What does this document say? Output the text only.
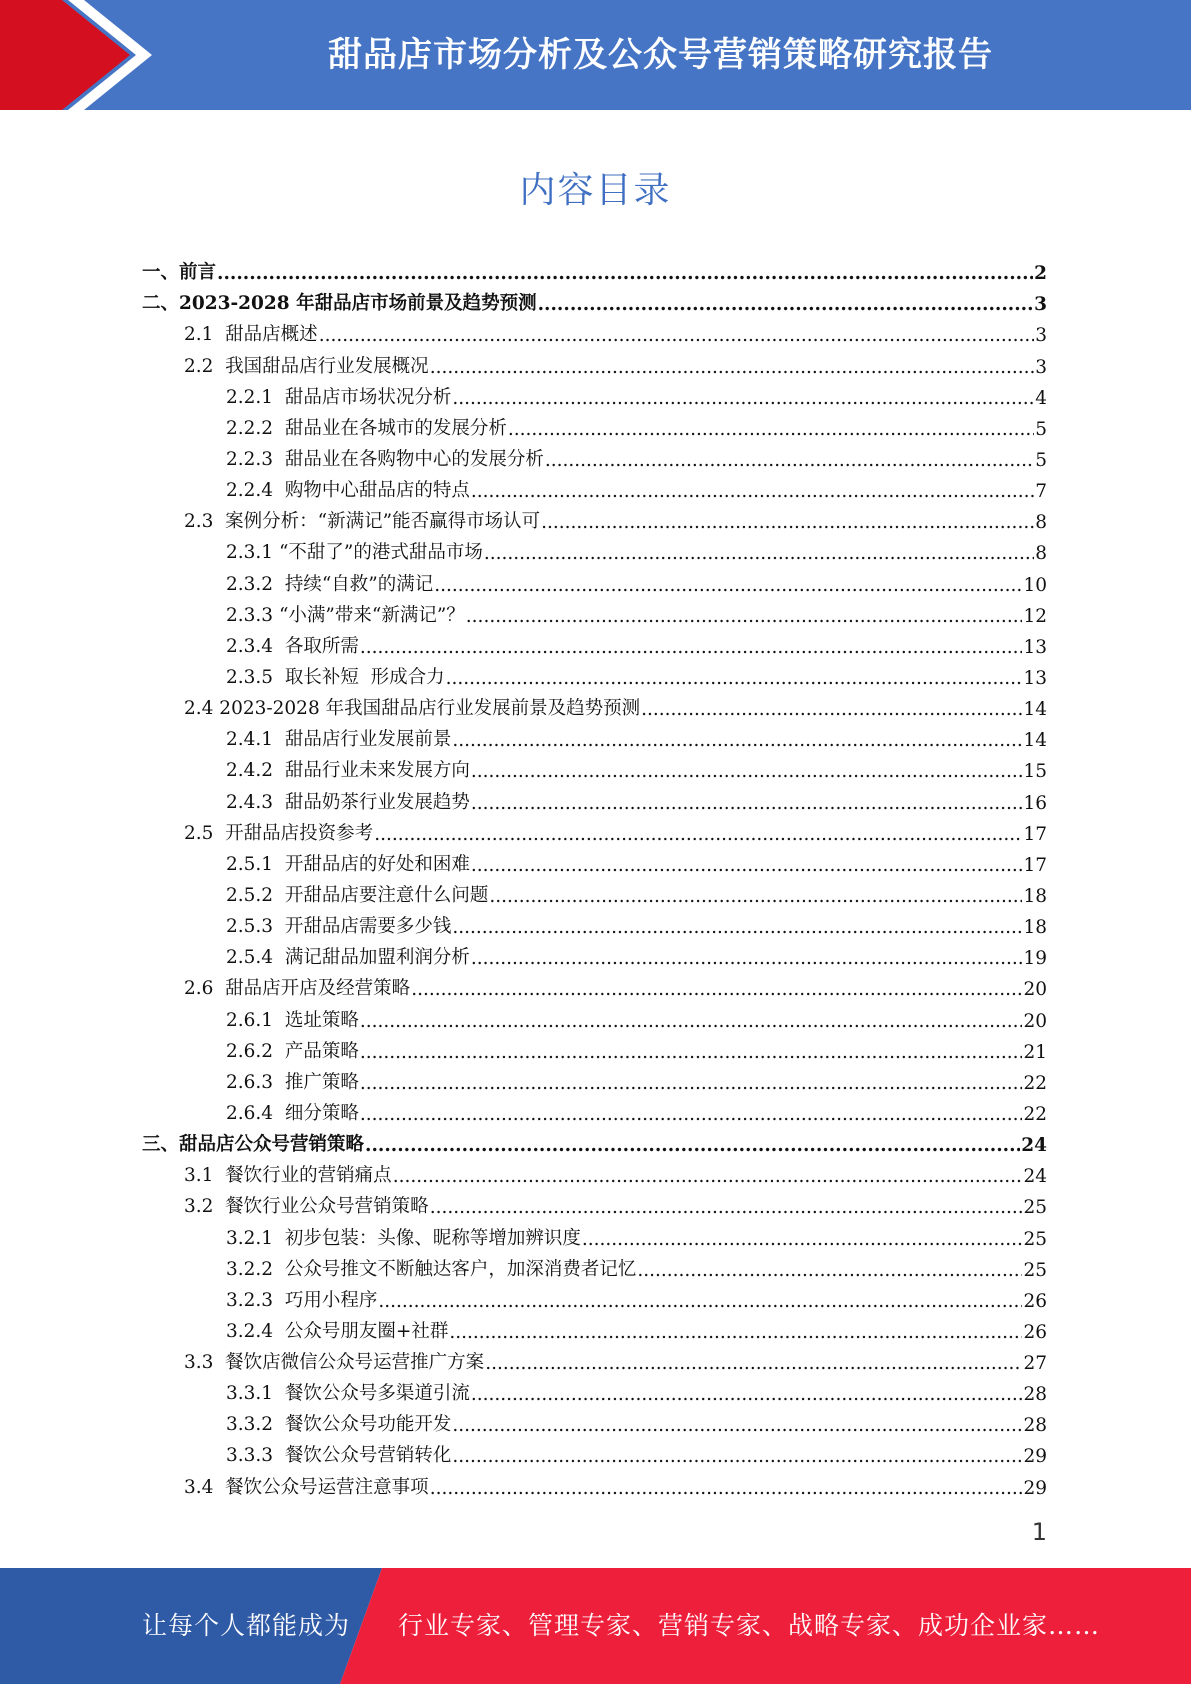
甜品店市场分析及公众号营销策略研究报告
内容目录
一、前言 .....	2
二、2023-2028 年甜品店市场前景及趋势预测 .....	3
2.1  甜品店概述 .....	3
2.2  我国甜品店行业发展概况 .....	3
2.2.1  甜品店市场状况分析 .....	4
2.2.2  甜品业在各城市的发展分析 .....	5
2.2.3  甜品业在各购物中心的发展分析 .....	5
2.2.4  购物中心甜品店的特点 .....	7
2.3  案例分析：“新满记”能否赢得市场认可 .....	8
2.3.1 “不甜了”的港式甜品市场 .....	8
2.3.2  持续“自救”的满记 .....	10
2.3.3 “小满”带来“新满记”？ .....	12
2.3.4  各取所需 .....	13
2.3.5  取长补短  形成合力 .....	13
2.4 2023-2028 年我国甜品店行业发展前景及趋势预测 .....	14
2.4.1  甜品店行业发展前景 .....	14
2.4.2  甜品行业未来发展方向 .....	15
2.4.3  甜品奶茶行业发展趋势 .....	16
2.5  开甜品店投资参考 .....	17
2.5.1  开甜品店的好处和困难 .....	17
2.5.2  开甜品店要注意什么问题 .....	18
2.5.3  开甜品店需要多少钱 .....	18
2.5.4  满记甜品加盟利润分析 .....	19
2.6  甜品店开店及经营策略 .....	20
2.6.1  选址策略 .....	20
2.6.2  产品策略 .....	21
2.6.3  推广策略 .....	22
2.6.4  细分策略 .....	22
三、甜品店公众号营销策略 .....	24
3.1  餐饮行业的营销痛点 .....	24
3.2  餐饮行业公众号营销策略 .....	25
3.2.1  初步包装：头像、昵称等增加辨识度 .....	25
3.2.2  公众号推文不断触达客户，加深消费者记忆 .....	25
3.2.3  巧用小程序 .....	26
3.2.4  公众号朋友圈+社群 .....	26
3.3  餐饮店微信公众号运营推广方案 .....	27
3.3.1  餐饮公众号多渠道引流 .....	28
3.3.2  餐饮公众号功能开发 .....	28
3.3.3  餐饮公众号营销转化 .....	29
3.4  餐饮公众号运营注意事项 .....	29
1
让每个人都能成为 行业专家、管理专家、营销专家、战略专家、成功企业家……
